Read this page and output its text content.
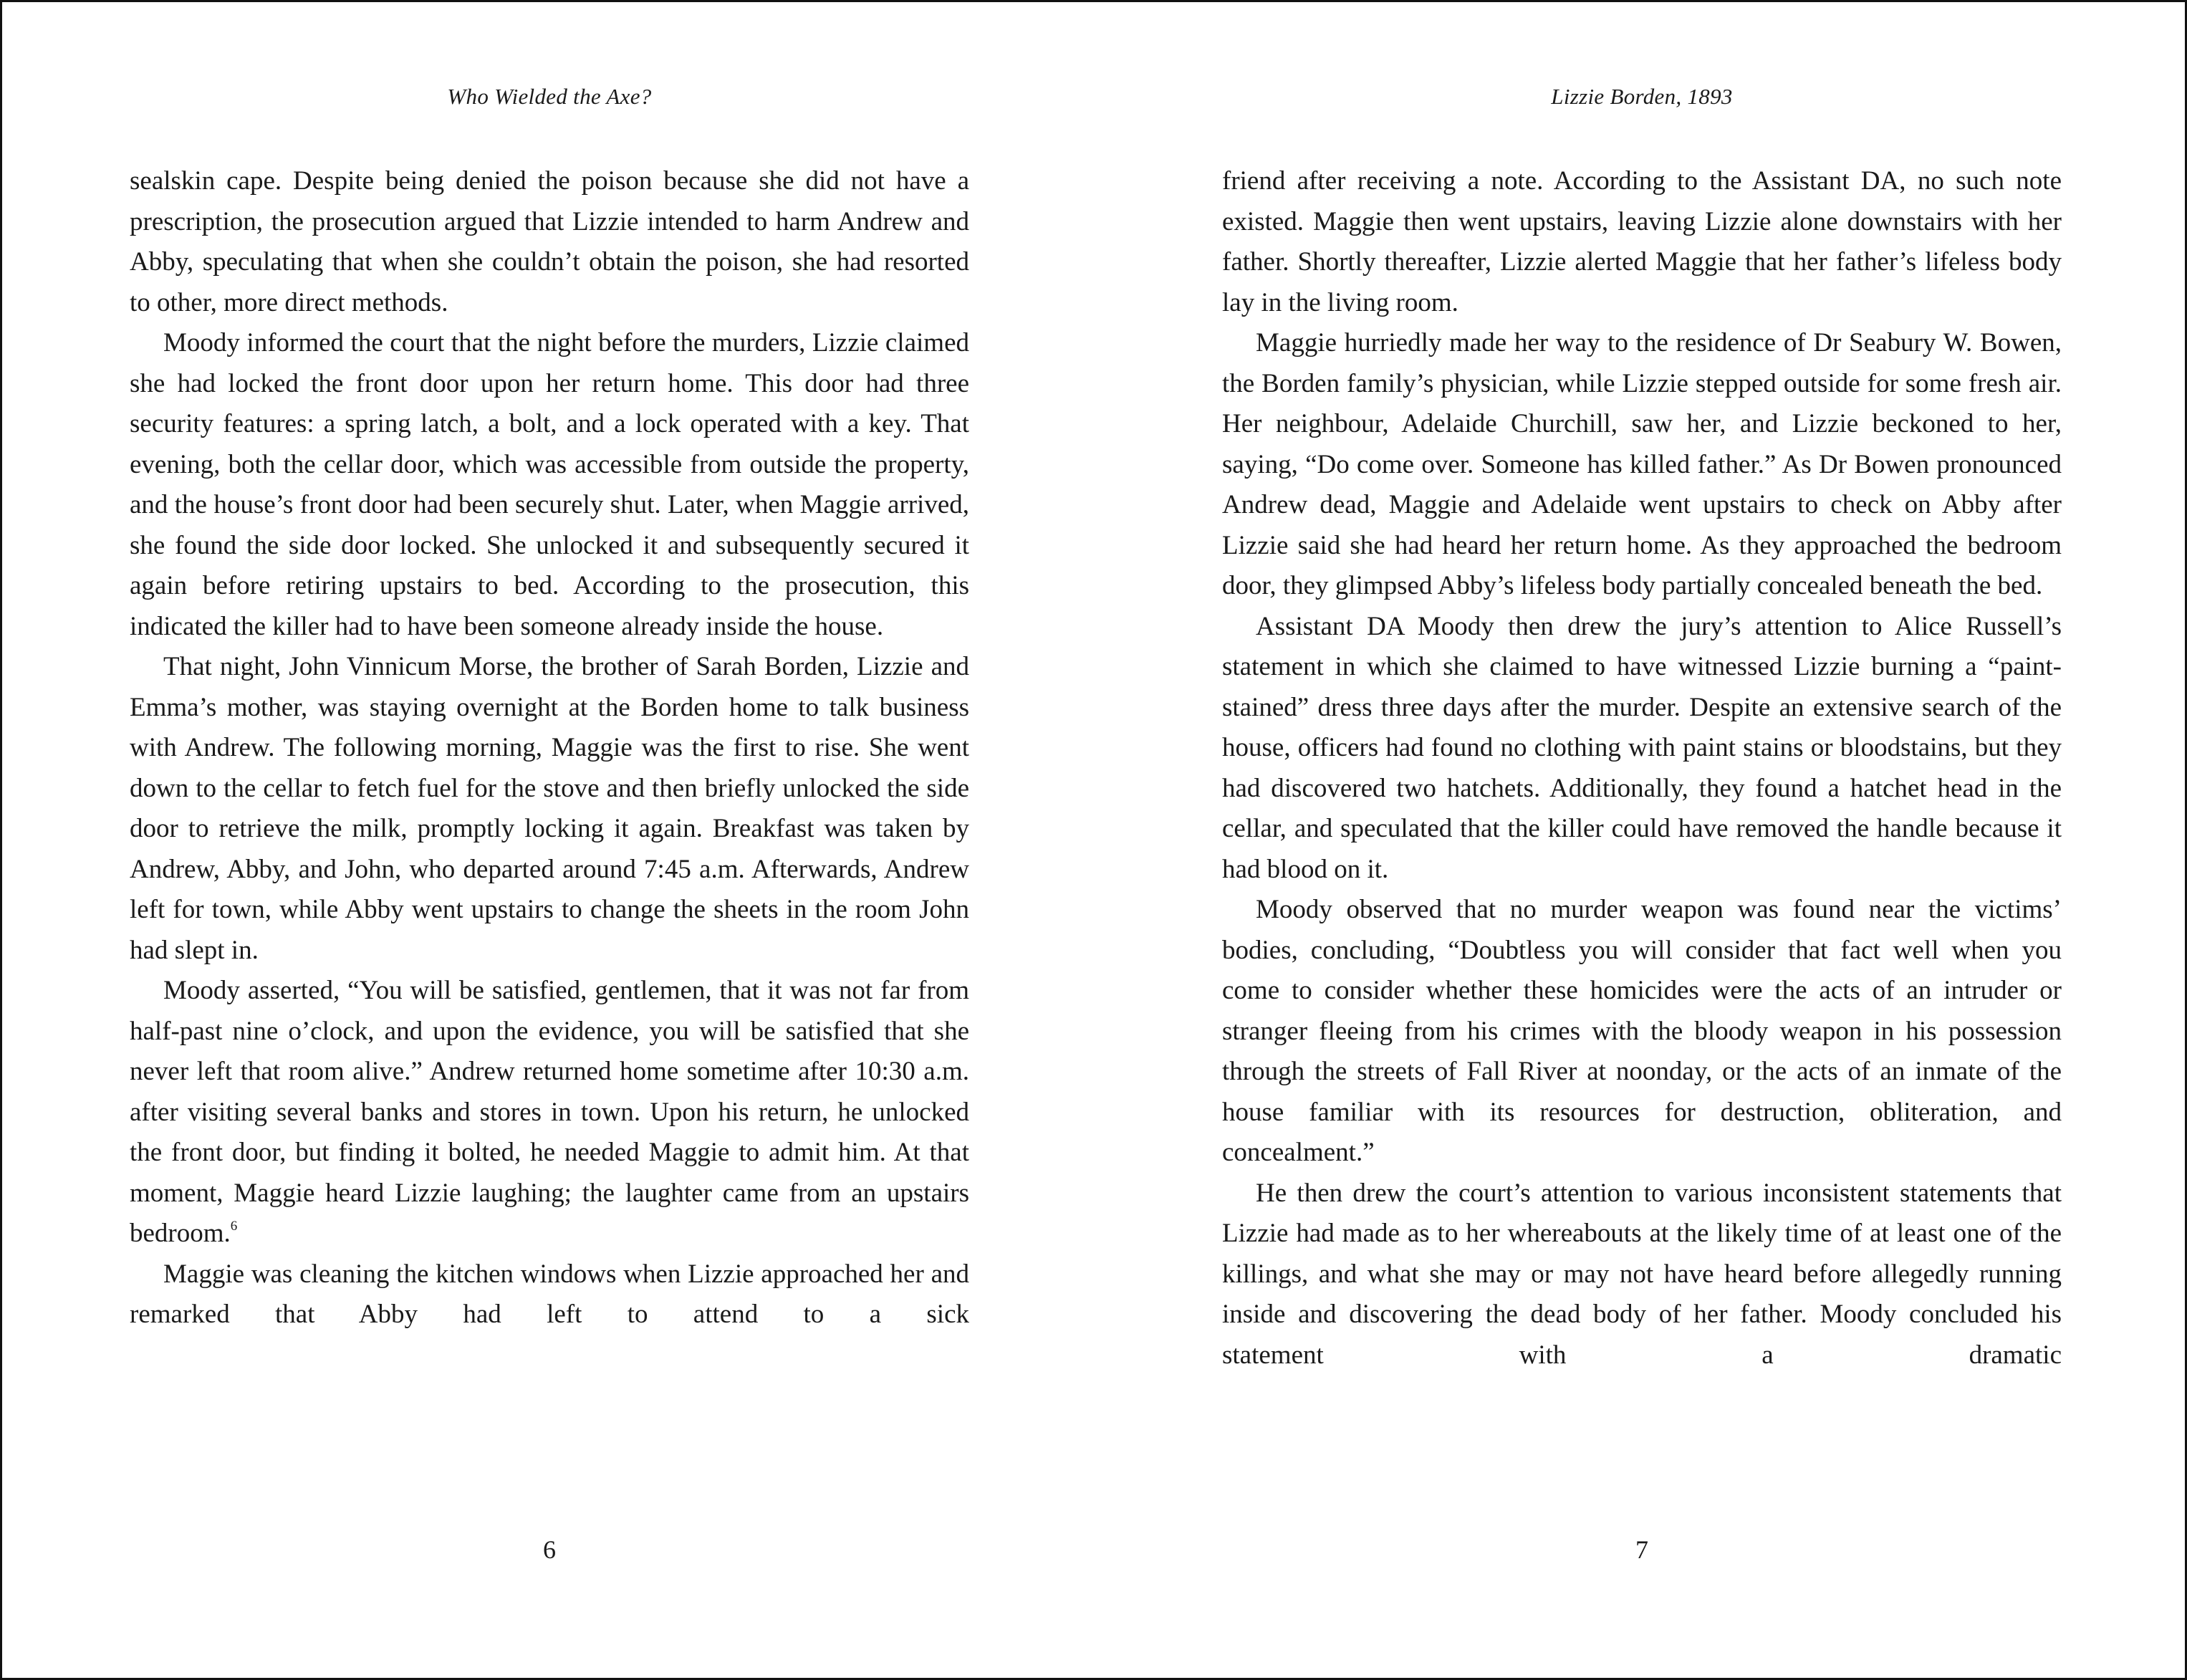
Who Wielded the Axe?

sealskin cape. Despite being denied the poison because she did not have a prescription, the prosecution argued that Lizzie intended to harm Andrew and Abby, speculating that when she couldn’t obtain the poison, she had resorted to other, more direct methods.

Moody informed the court that the night before the murders, Lizzie claimed she had locked the front door upon her return home. This door had three security features: a spring latch, a bolt, and a lock operated with a key. That evening, both the cellar door, which was accessible from outside the property, and the house’s front door had been securely shut. Later, when Maggie arrived, she found the side door locked. She unlocked it and subsequently secured it again before retiring upstairs to bed. According to the prosecution, this indicated the killer had to have been someone already inside the house.

That night, John Vinnicum Morse, the brother of Sarah Borden, Lizzie and Emma’s mother, was staying overnight at the Borden home to talk business with Andrew. The following morning, Maggie was the first to rise. She went down to the cellar to fetch fuel for the stove and then briefly unlocked the side door to retrieve the milk, promptly locking it again. Breakfast was taken by Andrew, Abby, and John, who departed around 7:45 a.m. Afterwards, Andrew left for town, while Abby went upstairs to change the sheets in the room John had slept in.

Moody asserted, “You will be satisfied, gentlemen, that it was not far from half-past nine o’clock, and upon the evidence, you will be satisfied that she never left that room alive.” Andrew returned home sometime after 10:30 a.m. after visiting several banks and stores in town. Upon his return, he unlocked the front door, but finding it bolted, he needed Maggie to admit him. At that moment, Maggie heard Lizzie laughing; the laughter came from an upstairs bedroom.$^6$

Maggie was cleaning the kitchen windows when Lizzie approached her and remarked that Abby had left to attend to a sick

6
Lizzie Borden, 1893

friend after receiving a note. According to the Assistant DA, no such note existed. Maggie then went upstairs, leaving Lizzie alone downstairs with her father. Shortly thereafter, Lizzie alerted Maggie that her father’s lifeless body lay in the living room.

Maggie hurriedly made her way to the residence of Dr Seabury W. Bowen, the Borden family’s physician, while Lizzie stepped outside for some fresh air. Her neighbour, Adelaide Churchill, saw her, and Lizzie beckoned to her, saying, “Do come over. Someone has killed father.” As Dr Bowen pronounced Andrew dead, Maggie and Adelaide went upstairs to check on Abby after Lizzie said she had heard her return home. As they approached the bedroom door, they glimpsed Abby’s lifeless body partially concealed beneath the bed.

Assistant DA Moody then drew the jury’s attention to Alice Russell’s statement in which she claimed to have witnessed Lizzie burning a “paint-stained” dress three days after the murder. Despite an extensive search of the house, officers had found no clothing with paint stains or bloodstains, but they had discovered two hatchets. Additionally, they found a hatchet head in the cellar, and speculated that the killer could have removed the handle because it had blood on it.

Moody observed that no murder weapon was found near the victims’ bodies, concluding, “Doubtless you will consider that fact well when you come to consider whether these homicides were the acts of an intruder or stranger fleeing from his crimes with the bloody weapon in his possession through the streets of Fall River at noonday, or the acts of an inmate of the house familiar with its resources for destruction, obliteration, and concealment.”

He then drew the court’s attention to various inconsistent statements that Lizzie had made as to her whereabouts at the likely time of at least one of the killings, and what she may or may not have heard before allegedly running inside and discovering the dead body of her father. Moody concluded his statement with a dramatic

7
